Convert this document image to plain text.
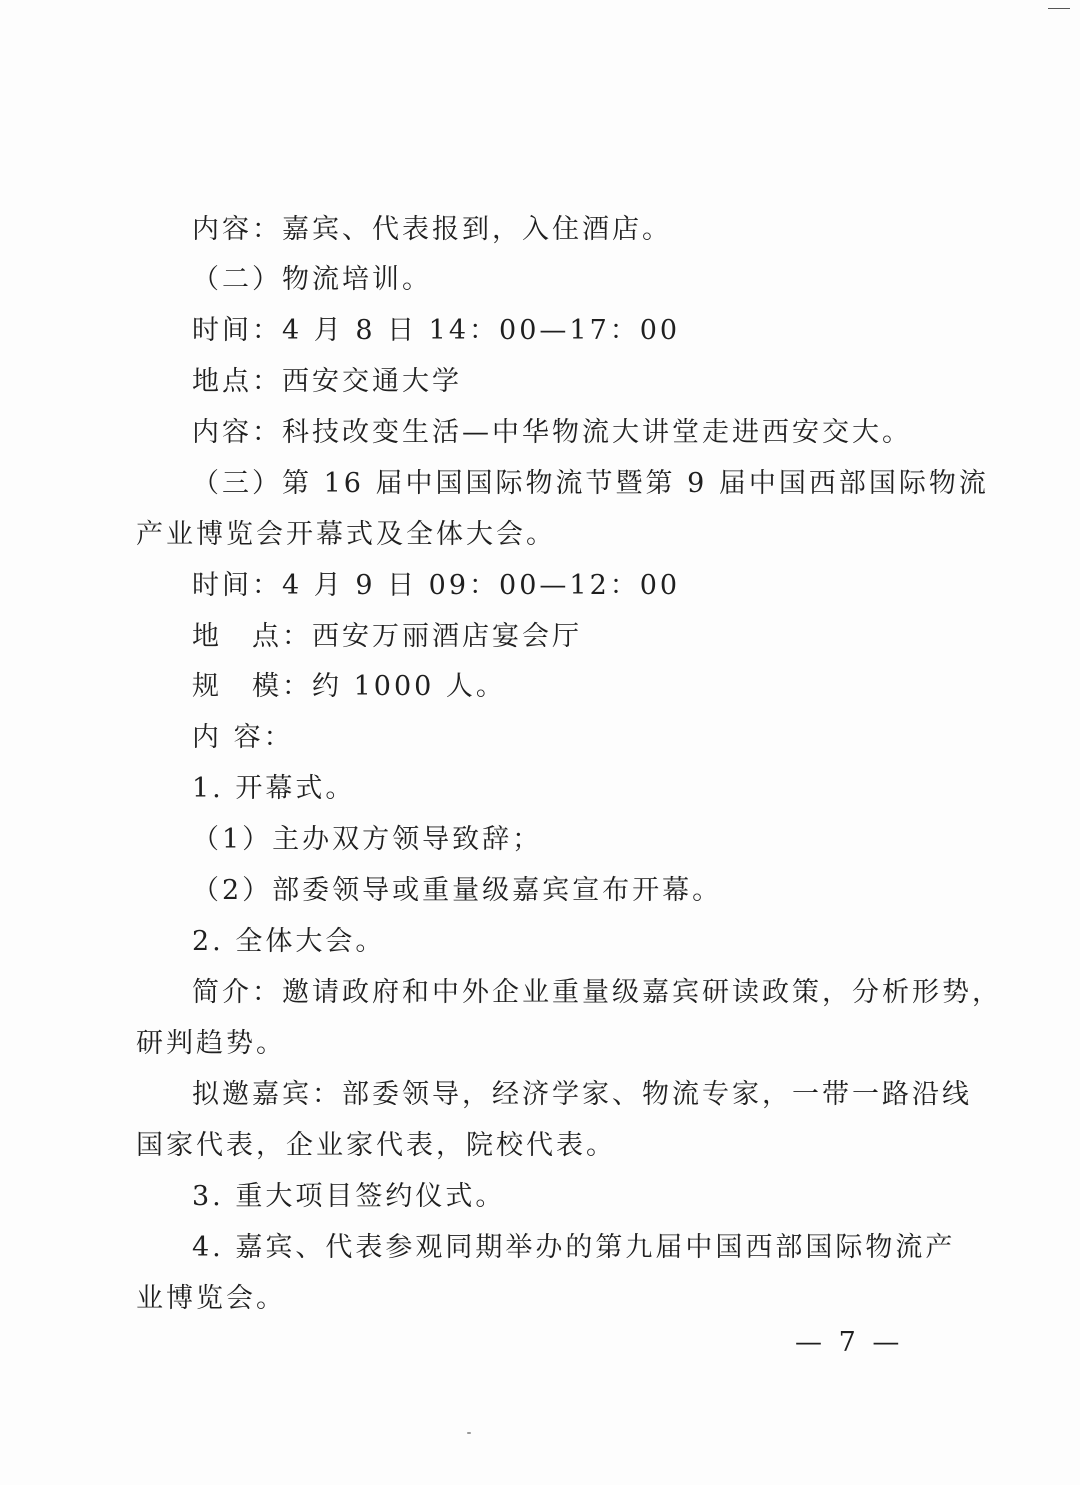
内容：嘉宾、代表报到，入住酒店。
（二）物流培训。
时间：4 月 8 日 14：00—17：00
地点：西安交通大学
内容：科技改变生活—中华物流大讲堂走进西安交大。
（三）第 16 届中国国际物流节暨第 9 届中国西部国际物流
产业博览会开幕式及全体大会。
时间：4 月 9 日 09：00—12：00
地　点：西安万丽酒店宴会厅
规　模：约 1000 人。
内 容：
1. 开幕式。
（1）主办双方领导致辞；
（2）部委领导或重量级嘉宾宣布开幕。
2. 全体大会。
简介：邀请政府和中外企业重量级嘉宾研读政策，分析形势，
研判趋势。
拟邀嘉宾：部委领导，经济学家、物流专家，一带一路沿线
国家代表，企业家代表，院校代表。
3. 重大项目签约仪式。
4. 嘉宾、代表参观同期举办的第九届中国西部国际物流产
业博览会。
— 7 —
